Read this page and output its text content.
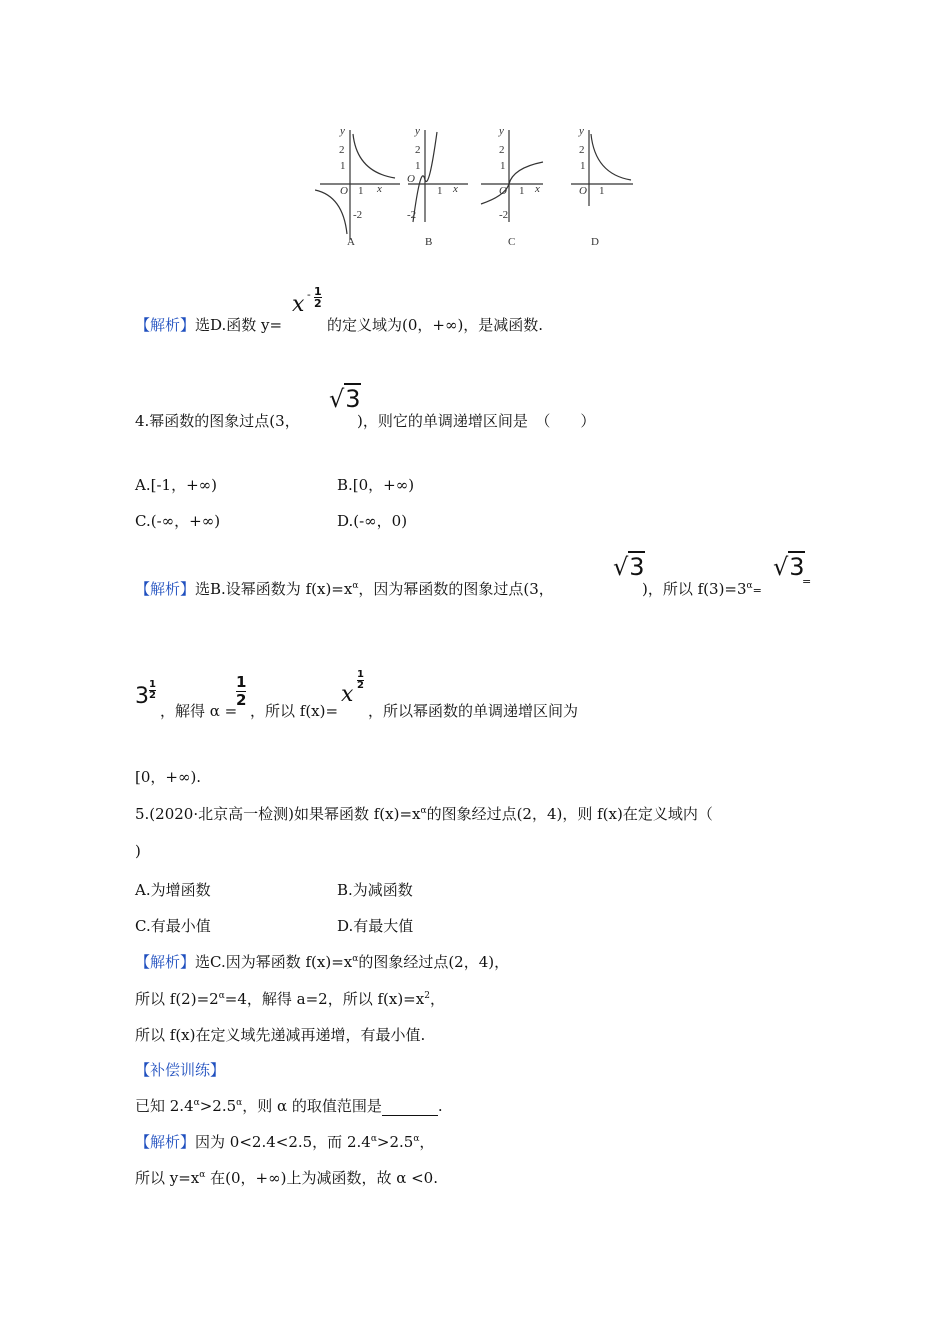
y
2
1
O 1 x
-2
A
y
2
1
O
1 x
-2
B
y
2
1
O 1 x
-2
C
y
2
1
O 1
D
【解析】选D.函数 y=
x - $\frac{1}{2}$
的定义域为(0，+∞)，是减函数.
4.幂函数的图象过点(3，
√3
)，则它的单调递增区间是　（　　）
A.[-1，+∞)	B.[0，+∞)
C.(-∞，+∞)	D.(-∞，0)
【解析】选B.设幂函数为 $f(x)=x^\alpha$，因为幂函数的图象过点(3，
√3
)，所以 $f(3)=3^\alpha=$
√3
=
$3 \frac{1}{2}$
，解得 α =
$\frac{1}{2}$
，所以 f(x)=
x
$\frac{1}{2}$
，所以幂函数的单调递增区间为
[0，+∞).
5.(2020·北京高一检测)如果幂函数 $f(x)=x^\alpha$的图象经过点(2，4)，则 f(x)在定义域内（
)
A.为增函数	B.为减函数
C.有最小值	D.有最大值
【解析】选C.因为幂函数 $f(x)=x^\alpha$的图象经过点(2，4)，
所以 $f(2)=2^\alpha=4$，解得 a=2，所以 $f(x)=x^2$，
所以 f(x)在定义域先递减再递增，有最小值.
【补偿训练】
已知 $2.4^\alpha>2.5^\alpha$，则 α 的取值范围是	.
【解析】因为 0<2.4<2.5，而 $2.4^\alpha>2.5^\alpha$，
所以 $y=x^\alpha$ 在(0，+∞)上为减函数，故 α <0.
